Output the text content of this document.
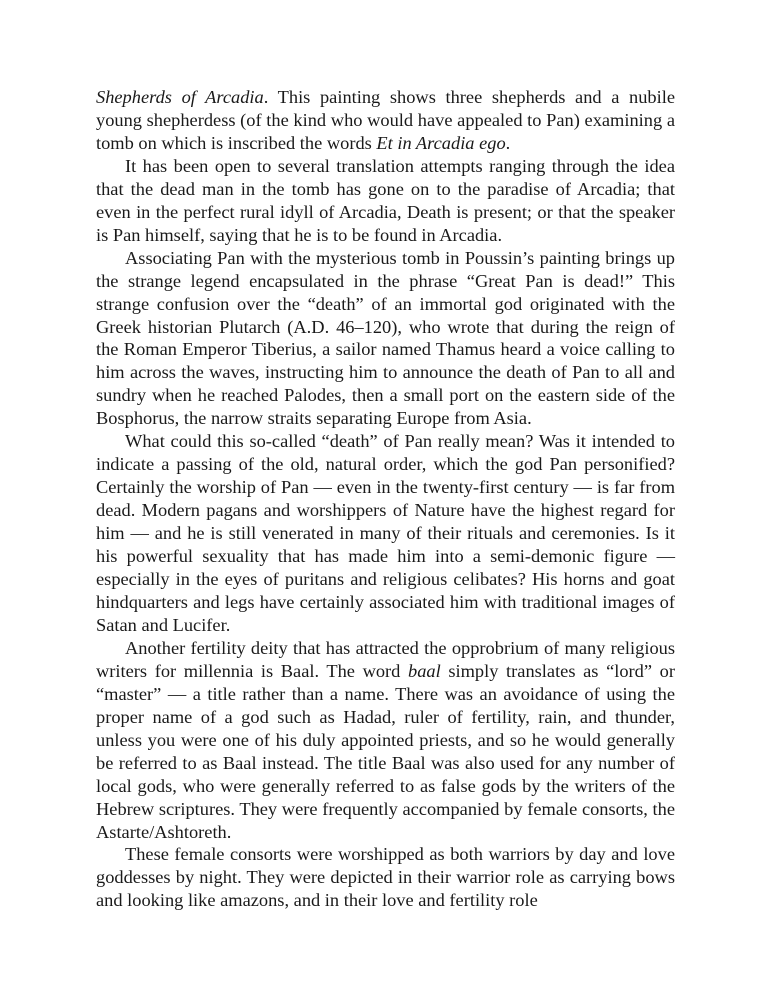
Shepherds of Arcadia. This painting shows three shepherds and a nubile young shepherdess (of the kind who would have appealed to Pan) examining a tomb on which is inscribed the words Et in Arcadia ego.

It has been open to several translation attempts ranging through the idea that the dead man in the tomb has gone on to the paradise of Arcadia; that even in the perfect rural idyll of Arcadia, Death is present; or that the speaker is Pan himself, saying that he is to be found in Arcadia.

Associating Pan with the mysterious tomb in Poussin’s painting brings up the strange legend encapsulated in the phrase “Great Pan is dead!” This strange confusion over the “death” of an immortal god originated with the Greek historian Plutarch (A.D. 46–120), who wrote that during the reign of the Roman Emperor Tiberius, a sailor named Thamus heard a voice calling to him across the waves, instructing him to announce the death of Pan to all and sundry when he reached Palodes, then a small port on the eastern side of the Bosphorus, the narrow straits separating Europe from Asia.

What could this so-called “death” of Pan really mean? Was it intended to indicate a passing of the old, natural order, which the god Pan personified? Certainly the worship of Pan — even in the twenty-first century — is far from dead. Modern pagans and worshippers of Nature have the highest regard for him — and he is still venerated in many of their rituals and ceremonies. Is it his powerful sexuality that has made him into a semi-demonic figure — especially in the eyes of puritans and religious celibates? His horns and goat hindquarters and legs have certainly associated him with traditional images of Satan and Lucifer.

Another fertility deity that has attracted the opprobrium of many religious writers for millennia is Baal. The word baal simply translates as “lord” or “master” — a title rather than a name. There was an avoidance of using the proper name of a god such as Hadad, ruler of fertility, rain, and thunder, unless you were one of his duly appointed priests, and so he would generally be referred to as Baal instead. The title Baal was also used for any number of local gods, who were generally referred to as false gods by the writers of the Hebrew scriptures. They were frequently accompanied by female consorts, the Astarte/Ashtoreth.

These female consorts were worshipped as both warriors by day and love goddesses by night. They were depicted in their warrior role as carrying bows and looking like amazons, and in their love and fertility role
